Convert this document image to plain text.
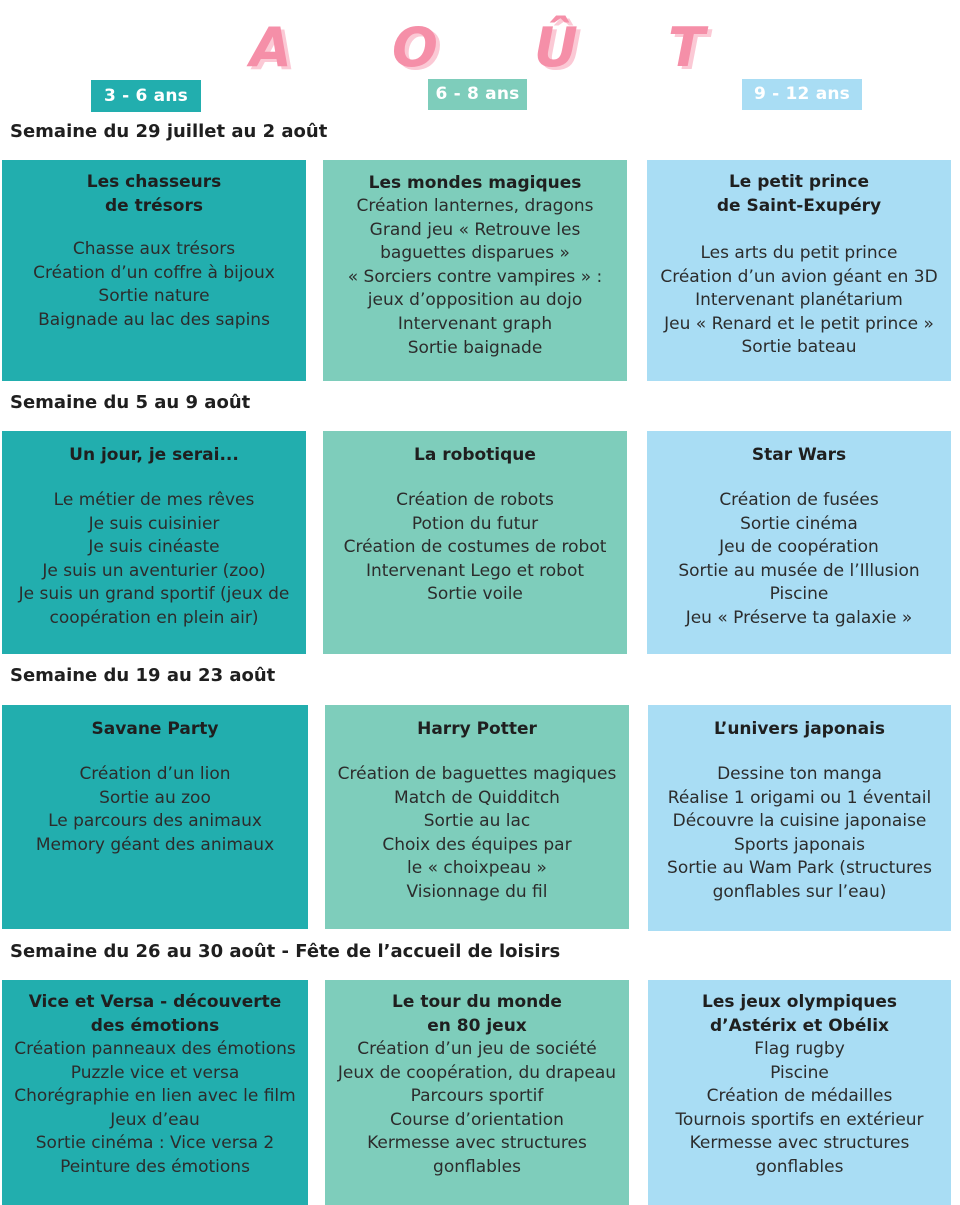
A O Û T
3 - 6 ans	6 - 8 ans	9 - 12 ans
Semaine du 29 juillet au 2 août
Semaine du 5 au 9 août
Semaine du 19 au 23 août
Semaine du 26 au 30 août - Fête de l’accueil de loisirs
Les chasseurs
de trésors
Chasse aux trésors
Création d’un coffre à bijoux
Sortie nature
Baignade au lac des sapins
Les mondes magiques
Création lanternes, dragons
Grand jeu « Retrouve les
baguettes disparues »
« Sorciers contre vampires » :
jeux d’opposition au dojo
Intervenant graph
Sortie baignade
Le petit prince
de Saint-Exupéry
Les arts du petit prince
Création d’un avion géant en 3D
Intervenant planétarium
Jeu « Renard et le petit prince »
Sortie bateau
Un jour, je serai...
Le métier de mes rêves
Je suis cuisinier
Je suis cinéaste
Je suis un aventurier (zoo)
Je suis un grand sportif (jeux de
coopération en plein air)
La robotique
Création de robots
Potion du futur
Création de costumes de robot
Intervenant Lego et robot
Sortie voile
Star Wars
Création de fusées
Sortie cinéma
Jeu de coopération
Sortie au musée de l’Illusion
Piscine
Jeu « Préserve ta galaxie »
Savane Party
Création d’un lion
Sortie au zoo
Le parcours des animaux
Memory géant des animaux
Harry Potter
Création de baguettes magiques
Match de Quidditch
Sortie au lac
Choix des équipes par
le « choixpeau »
Visionnage du fil
L’univers japonais
Dessine ton manga
Réalise 1 origami ou 1 éventail
Découvre la cuisine japonaise
Sports japonais
Sortie au Wam Park (structures
gonflables sur l’eau)
Vice et Versa - découverte
des émotions
Création panneaux des émotions
Puzzle vice et versa
Chorégraphie en lien avec le film
Jeux d’eau
Sortie cinéma : Vice versa 2
Peinture des émotions
Le tour du monde
en 80 jeux
Création d’un jeu de société
Jeux de coopération, du drapeau
Parcours sportif
Course d’orientation
Kermesse avec structures
gonflables
Les jeux olympiques
d’Astérix et Obélix
Flag rugby
Piscine
Création de médailles
Tournois sportifs en extérieur
Kermesse avec structures
gonflables
